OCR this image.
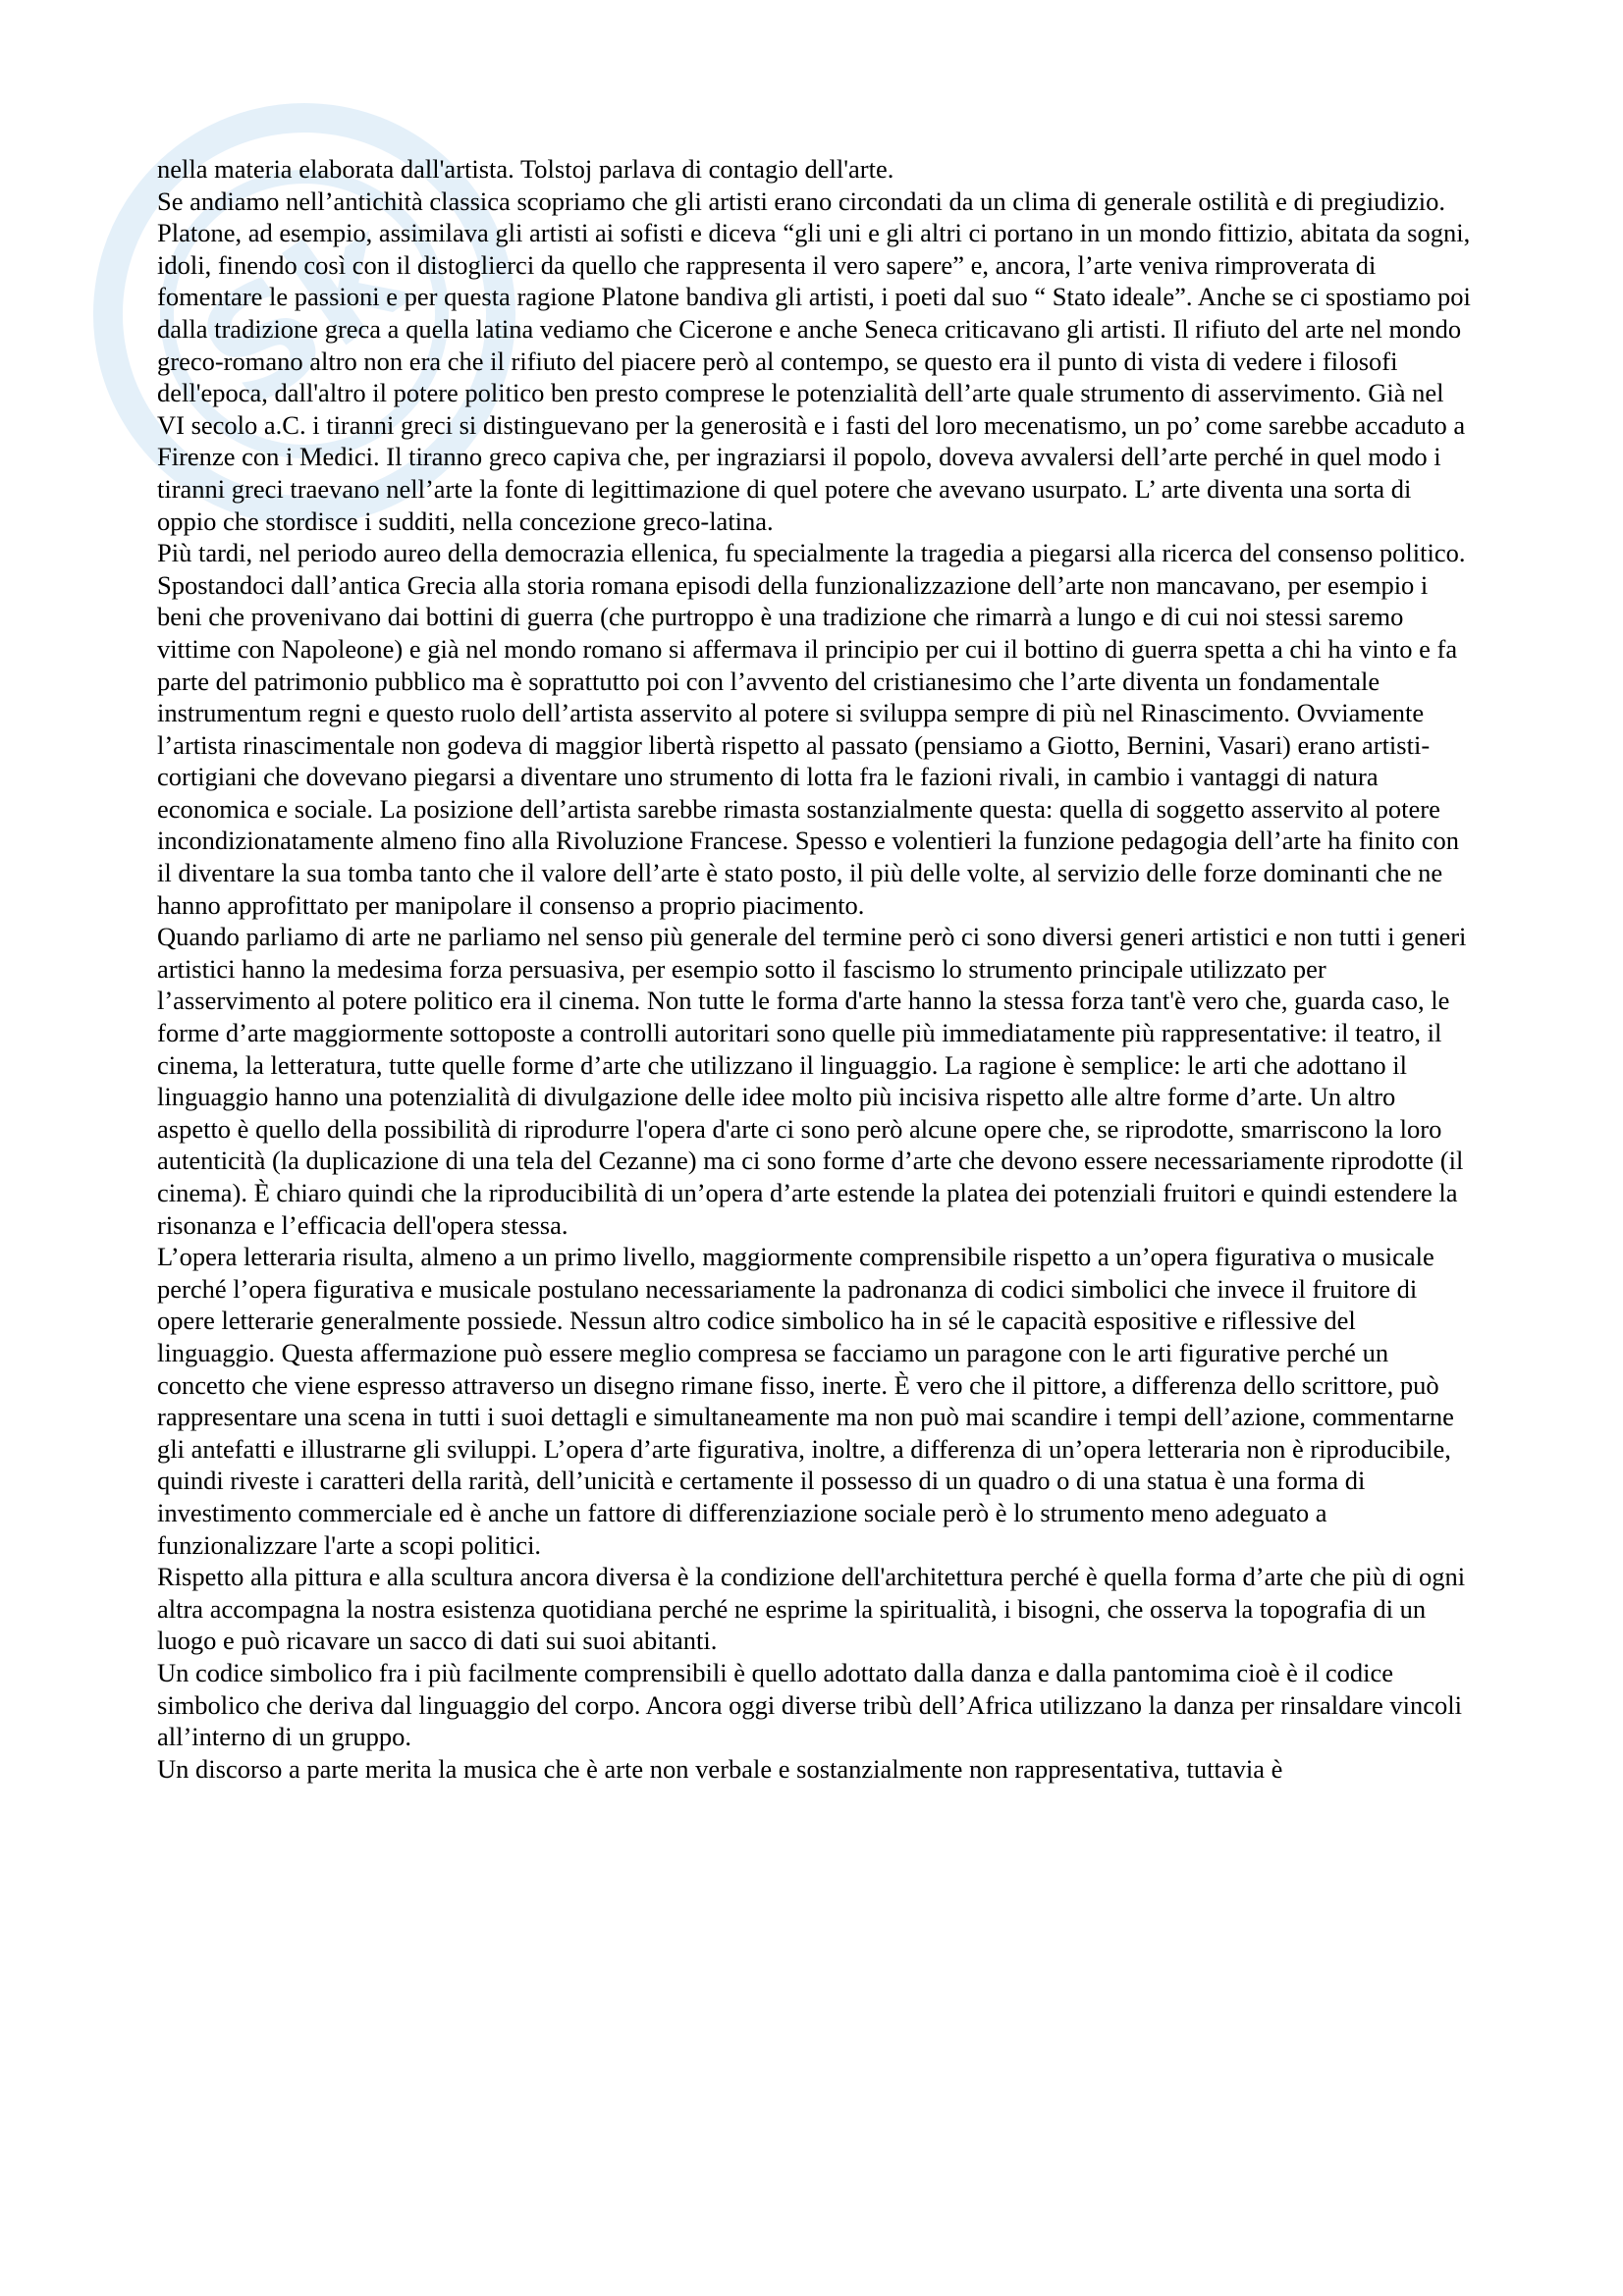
Sk

nella materia elaborata dall'artista. Tolstoj parlava di contagio dell'arte.

Se andiamo nell’antichità classica scopriamo che gli artisti erano circondati da un clima di generale ostilità e di pregiudizio. Platone, ad esempio, assimilava gli artisti ai sofisti e diceva “gli uni e gli altri ci portano in un mondo fittizio, abitata da sogni, idoli, finendo così con il distoglierci da quello che rappresenta il vero sapere” e, ancora, l’arte veniva rimproverata di fomentare le passioni e per questa ragione Platone bandiva gli artisti, i poeti dal suo “ Stato ideale”. Anche se ci spostiamo poi dalla tradizione greca a quella latina vediamo che Cicerone e anche Seneca criticavano gli artisti. Il rifiuto del arte nel mondo greco-romano altro non era che il rifiuto del piacere però al contempo, se questo era il punto di vista di vedere i filosofi dell'epoca, dall'altro il potere politico ben presto comprese le potenzialità dell’arte quale strumento di asservimento. Già nel VI secolo a.C. i tiranni greci si distinguevano per la generosità e i fasti del loro mecenatismo, un po’ come sarebbe accaduto a Firenze con i Medici. Il tiranno greco capiva che, per ingraziarsi il popolo, doveva avvalersi dell’arte perché in quel modo i tiranni greci traevano nell’arte la fonte di legittimazione di quel potere che avevano usurpato. L’ arte diventa una sorta di oppio che stordisce i sudditi, nella concezione greco-latina.

Più tardi, nel periodo aureo della democrazia ellenica, fu specialmente la tragedia a piegarsi alla ricerca del consenso politico. Spostandoci dall’antica Grecia alla storia romana episodi della funzionalizzazione dell’arte non mancavano, per esempio i beni che provenivano dai bottini di guerra (che purtroppo è una tradizione che rimarrà a lungo e di cui noi stessi saremo vittime con Napoleone) e già nel mondo romano si affermava il principio per cui il bottino di guerra spetta a chi ha vinto e fa parte del patrimonio pubblico ma è soprattutto poi con l’avvento del cristianesimo che l’arte diventa un fondamentale instrumentum regni e questo ruolo dell’artista asservito al potere si sviluppa sempre di più nel Rinascimento. Ovviamente l’artista rinascimentale non godeva di maggior libertà rispetto al passato (pensiamo a Giotto, Bernini, Vasari) erano artisti-cortigiani che dovevano piegarsi a diventare uno strumento di lotta fra le fazioni rivali, in cambio i vantaggi di natura economica e sociale. La posizione dell’artista sarebbe rimasta sostanzialmente questa: quella di soggetto asservito al potere incondizionatamente almeno fino alla Rivoluzione Francese. Spesso e volentieri la funzione pedagogia dell’arte ha finito con il diventare la sua tomba tanto che il valore dell’arte è stato posto, il più delle volte, al servizio delle forze dominanti che ne hanno approfittato per manipolare il consenso a proprio piacimento.

Quando parliamo di arte ne parliamo nel senso più generale del termine però ci sono diversi generi artistici e non tutti i generi artistici hanno la medesima forza persuasiva, per esempio sotto il fascismo lo strumento principale utilizzato per l’asservimento al potere politico era il cinema. Non tutte le forma d'arte hanno la stessa forza tant'è vero che, guarda caso, le forme d’arte maggiormente sottoposte a controlli autoritari sono quelle più immediatamente più rappresentative: il teatro, il cinema, la letteratura, tutte quelle forme d’arte che utilizzano il linguaggio. La ragione è semplice: le arti che adottano il linguaggio hanno una potenzialità di divulgazione delle idee molto più incisiva rispetto alle altre forme d’arte. Un altro aspetto è quello della possibilità di riprodurre l'opera d'arte ci sono però alcune opere che, se riprodotte, smarriscono la loro autenticità (la duplicazione di una tela del Cezanne) ma ci sono forme d’arte che devono essere necessariamente riprodotte (il cinema). È chiaro quindi che la riproducibilità di un’opera d’arte estende la platea dei potenziali fruitori e quindi estendere la risonanza e l’efficacia dell'opera stessa.

L’opera letteraria risulta, almeno a un primo livello, maggiormente comprensibile rispetto a un’opera figurativa o musicale perché l’opera figurativa e musicale postulano necessariamente la padronanza di codici simbolici che invece il fruitore di opere letterarie generalmente possiede. Nessun altro codice simbolico ha in sé le capacità espositive e riflessive del linguaggio. Questa affermazione può essere meglio compresa se facciamo un paragone con le arti figurative perché un concetto che viene espresso attraverso un disegno rimane fisso, inerte. È vero che il pittore, a differenza dello scrittore, può rappresentare una scena in tutti i suoi dettagli e simultaneamente ma non può mai scandire i tempi dell’azione, commentarne gli antefatti e illustrarne gli sviluppi. L’opera d’arte figurativa, inoltre, a differenza di un’opera letteraria non è riproducibile, quindi riveste i caratteri della rarità, dell’unicità e certamente il possesso di un quadro o di una statua è una forma di investimento commerciale ed è anche un fattore di differenziazione sociale però è lo strumento meno adeguato a funzionalizzare l'arte a scopi politici.

Rispetto alla pittura e alla scultura ancora diversa è la condizione dell'architettura perché è quella forma d’arte che più di ogni altra accompagna la nostra esistenza quotidiana perché ne esprime la spiritualità, i bisogni, che osserva la topografia di un luogo e può ricavare un sacco di dati sui suoi abitanti.

Un codice simbolico fra i più facilmente comprensibili è quello adottato dalla danza e dalla pantomima cioè è il codice simbolico che deriva dal linguaggio del corpo. Ancora oggi diverse tribù dell’Africa utilizzano la danza per rinsaldare vincoli all’interno di un gruppo.

Un discorso a parte merita la musica che è arte non verbale e sostanzialmente non rappresentativa, tuttavia è
